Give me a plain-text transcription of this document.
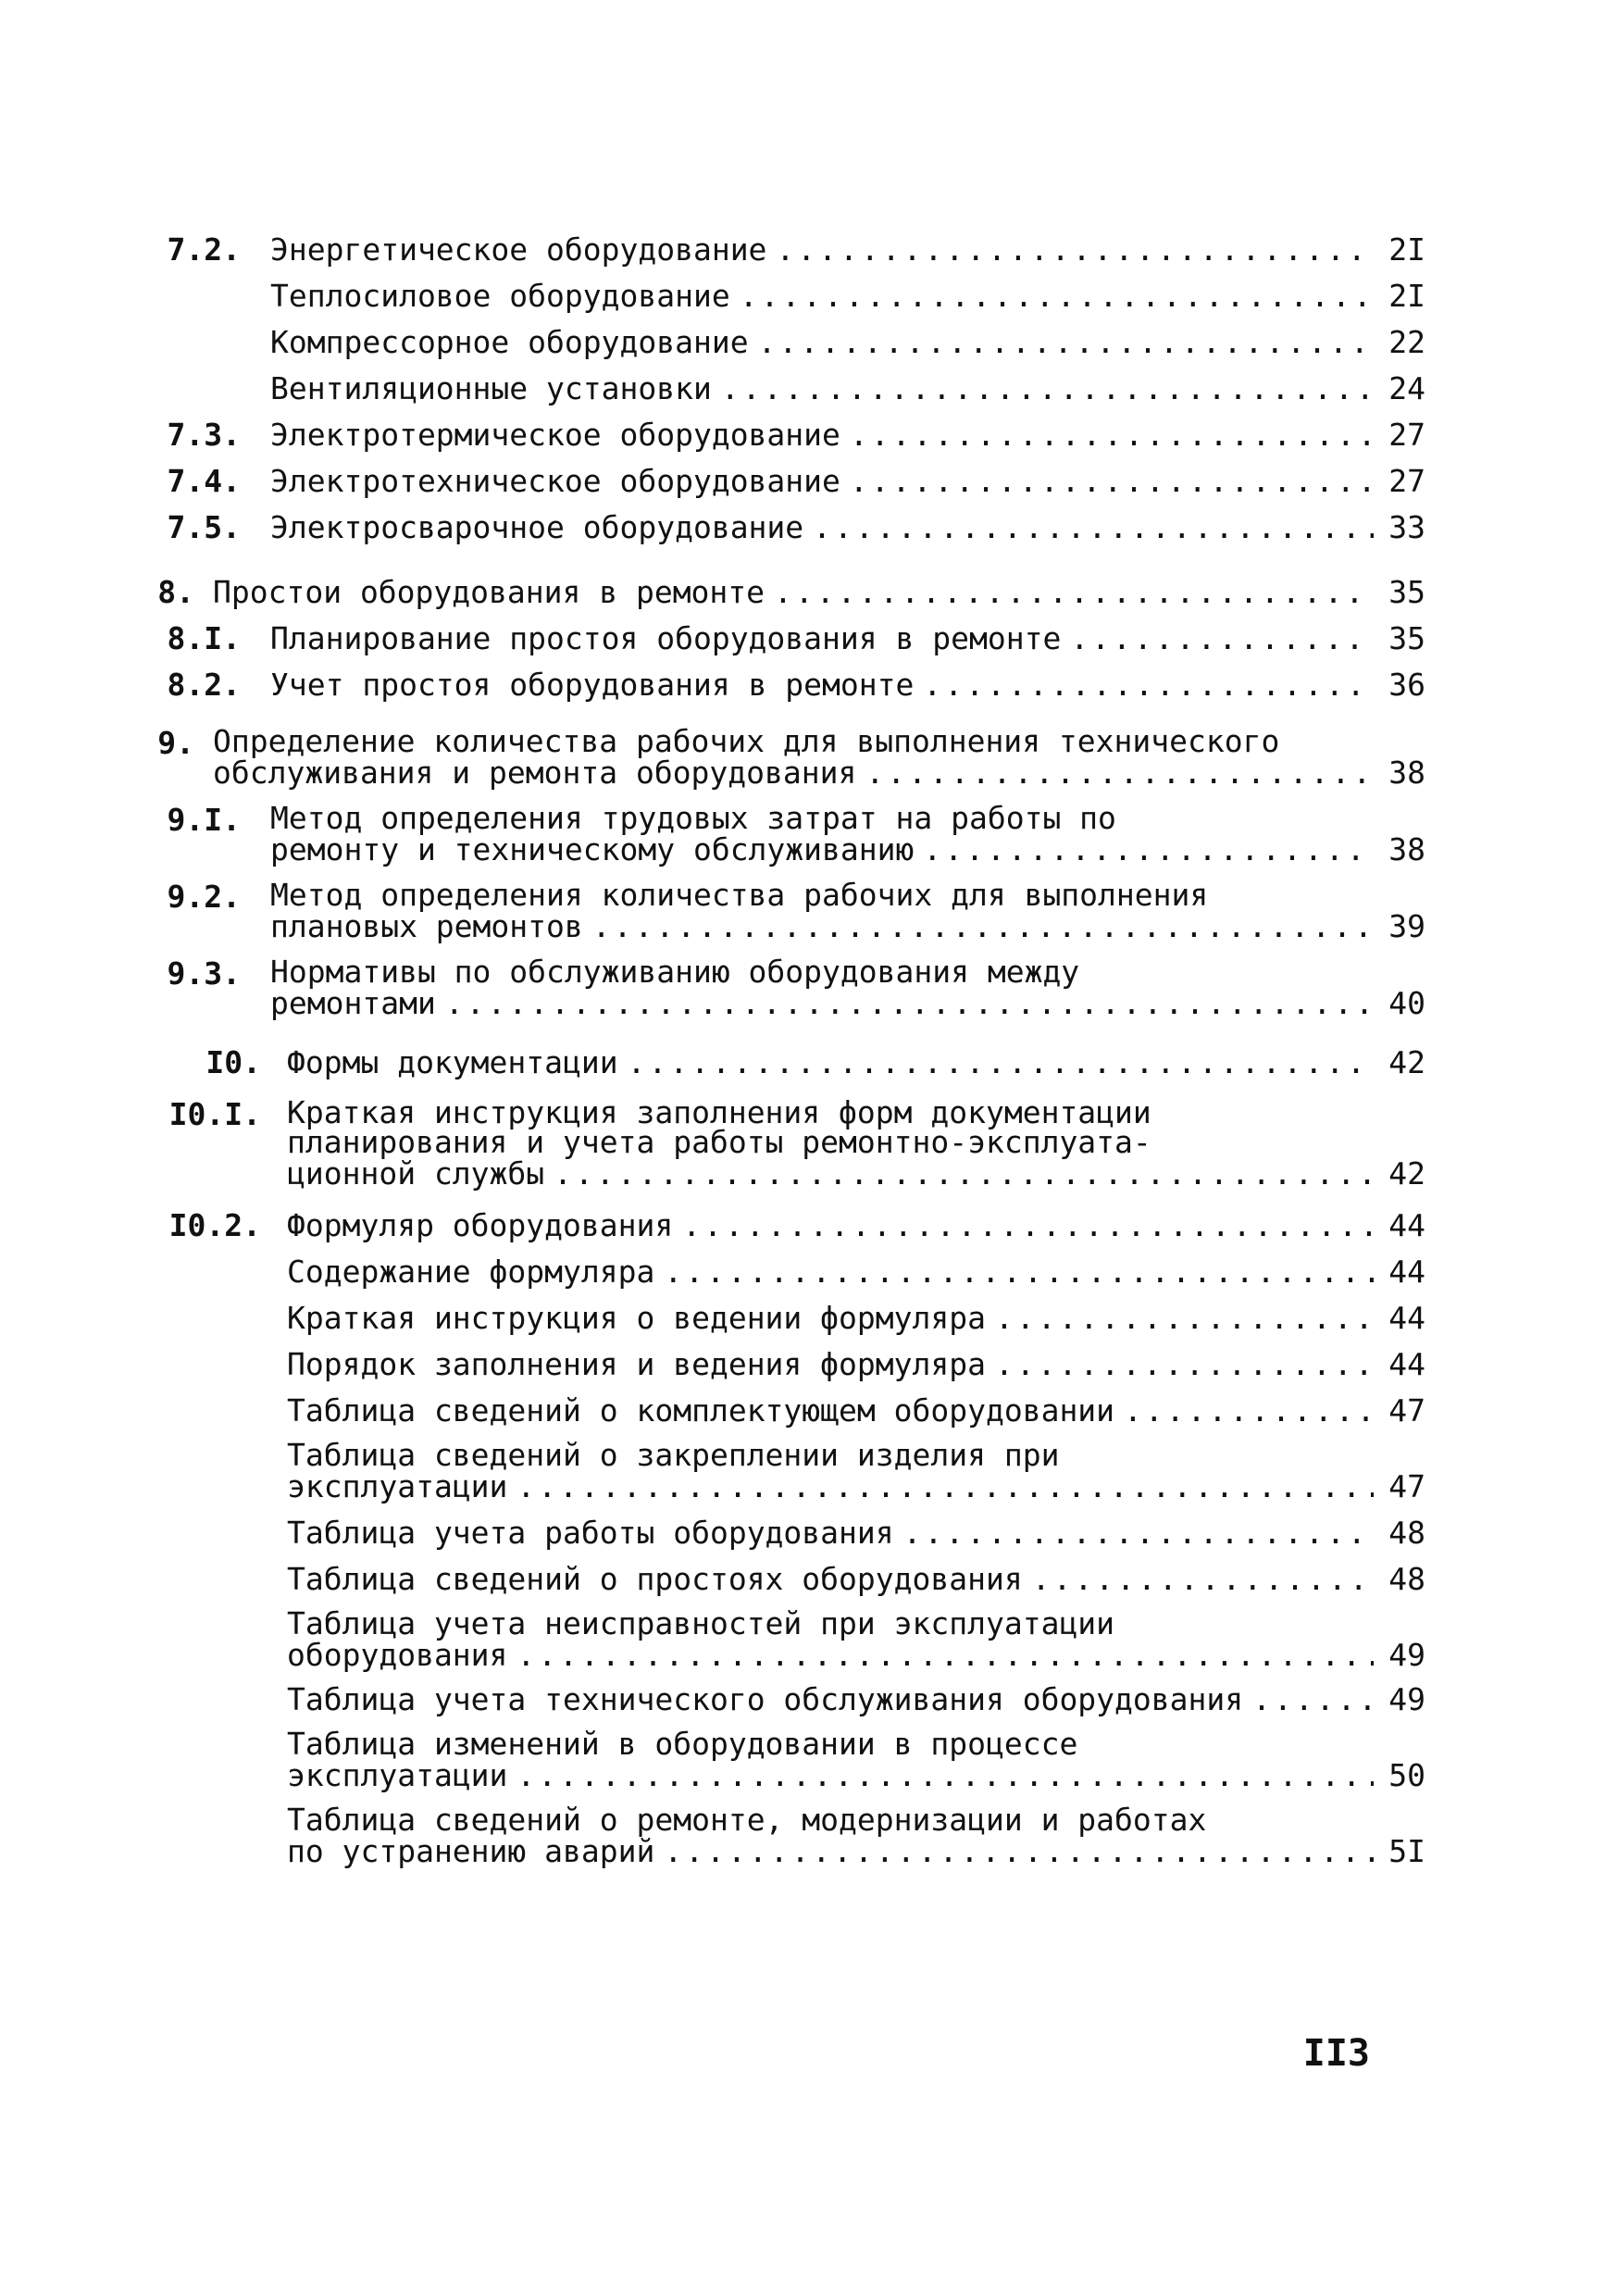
7.2. Энергетическое оборудование .....	2I
Теплосиловое оборудование .....	2I
Компрессорное оборудование .....	22
Вентиляционные установки .....	24
7.3. Электротермическое оборудование .....	27
7.4. Электротехническое оборудование .....	27
7.5. Электросварочное оборудование .....	33
8. Простои оборудования в ремонте .....	35
8.I. Планирование простоя оборудования в ремонте .....	35
8.2. Учет простоя оборудования в ремонте .....	36
9. Определение количества рабочих для выполнения технического
обслуживания и ремонта оборудования .....	38
9.I. Метод определения трудовых затрат на работы по
ремонту и техническому обслуживанию .....	38
9.2. Метод определения количества рабочих для выполнения
плановых ремонтов .....	39
9.3. Нормативы по обслуживанию оборудования между
ремонтами .....	40
I0. Формы документации .....	42
I0.I. Краткая инструкция заполнения форм документации
планирования и учета работы ремонтно-эксплуата-
ционной службы .....	42
I0.2. Формуляр оборудования .....	44
Содержание формуляра .....	44
Краткая инструкция о ведении формуляра .....	44
Порядок заполнения и ведения формуляра .....	44
Таблица сведений о комплектующем оборудовании .....	47
Таблица сведений о закреплении изделия при
эксплуатации .....	47
Таблица учета работы оборудования .....	48
Таблица сведений о простоях оборудования .....	48
Таблица учета неисправностей при эксплуатации
оборудования .....	49
Таблица учета технического обслуживания оборудования .....	49
Таблица изменений в оборудовании в процессе
эксплуатации .....	50
Таблица сведений о ремонте, модернизации и работах
по устранению аварий .....	5I
II3
